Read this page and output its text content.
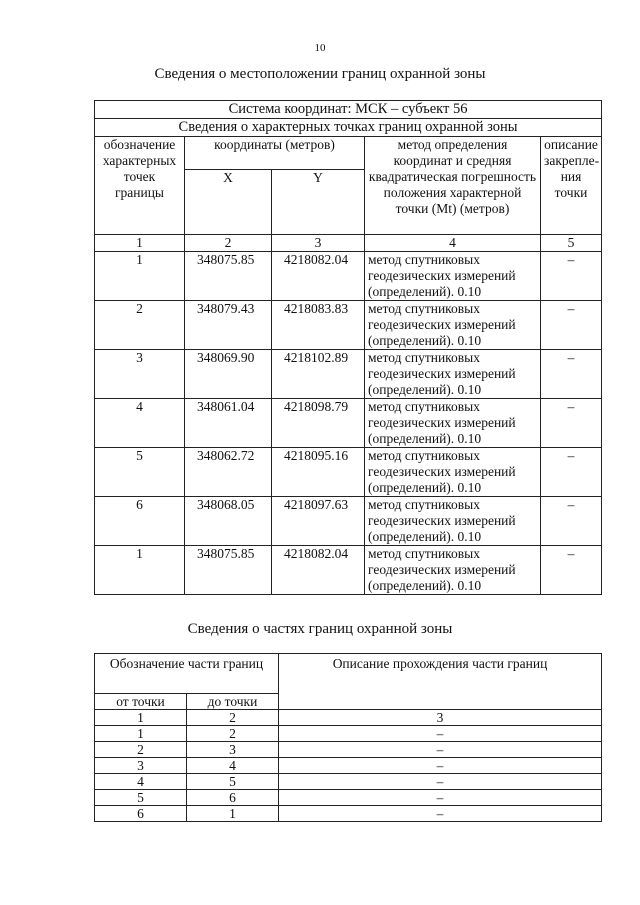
10
Сведения о местоположении границ охранной зоны
Система координат: МСК – субъект 56				
Сведения о характерных точках границ охранной зоны				
обозначение характерных точек границы	координаты (метров)		метод определения координат и средняя квадратическая погрешность положения характерной точки (Mt) (метров)	описание закрепле-ния точки
	X	Y		
1	2	3	4	5
1	348075.85	4218082.04	метод спутниковых геодезических измерений (определений). 0.10	–
2	348079.43	4218083.83	метод спутниковых геодезических измерений (определений). 0.10	–
3	348069.90	4218102.89	метод спутниковых геодезических измерений (определений). 0.10	–
4	348061.04	4218098.79	метод спутниковых геодезических измерений (определений). 0.10	–
5	348062.72	4218095.16	метод спутниковых геодезических измерений (определений). 0.10	–
6	348068.05	4218097.63	метод спутниковых геодезических измерений (определений). 0.10	–
1	348075.85	4218082.04	метод спутниковых геодезических измерений (определений). 0.10	–
Сведения о частях границ охранной зоны
Обозначение части границ		Описание прохождения части границ
от точки	до точки	
1	2	3
1	2	–
2	3	–
3	4	–
4	5	–
5	6	–
6	1	–
